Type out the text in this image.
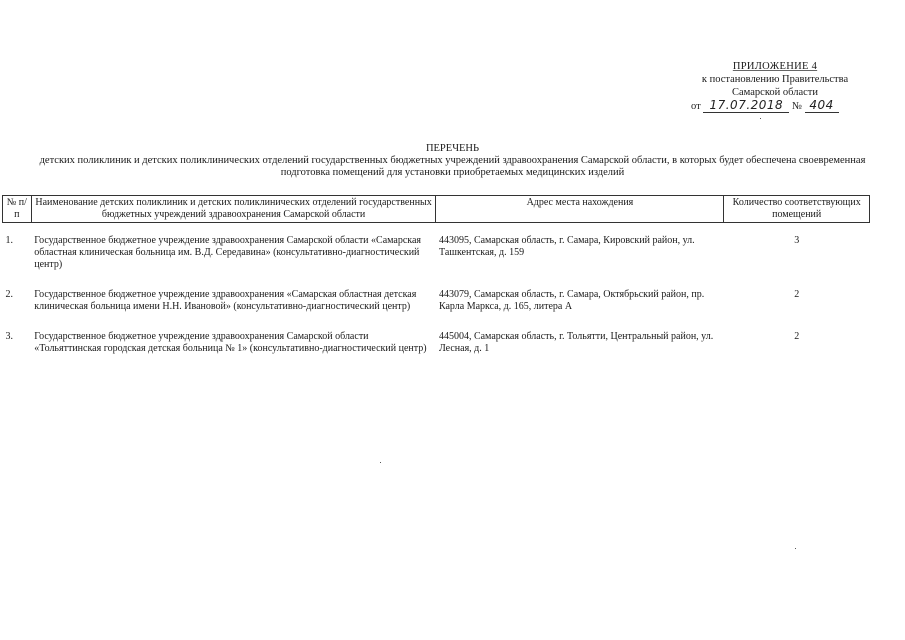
ПРИЛОЖЕНИЕ 4
к постановлению Правительства
Самарской области
от
17.07.2018
№
404
ПЕРЕЧЕНЬ
детских поликлиник и детских поликлинических отделений государственных бюджетных учреждений здравоохранения Самарской области, в которых будет обеспечена своевременная
подготовка помещений для установки приобретаемых медицинских изделий
№ п/п	Наименование детских поликлиник и детских поликлинических отделений государственных бюджетных учреждений здравоохранения Самарской области	Адрес места нахождения	Количество соответствующих помещений
1.	Государственное бюджетное учреждение здравоохранения Самарской области «Самарская областная клиническая больница им. В.Д. Середавина» (консультативно-диагностический центр)	443095, Самарская область, г. Самара, Кировский район, ул. Ташкентская, д. 159	3
2.	Государственное бюджетное учреждение здравоохранения «Самарская областная детская клиническая больница имени Н.Н. Ивановой» (консультативно-диагностический центр)	443079, Самарская область, г. Самара, Октябрьский район, пр. Карла Маркса, д. 165, литера А	2
3.	Государственное бюджетное учреждение здравоохранения Самарской области «Тольяттинская городская детская больница № 1» (консультативно-диагностический центр)	445004, Самарская область, г. Тольятти, Центральный район, ул. Лесная, д. 1	2
